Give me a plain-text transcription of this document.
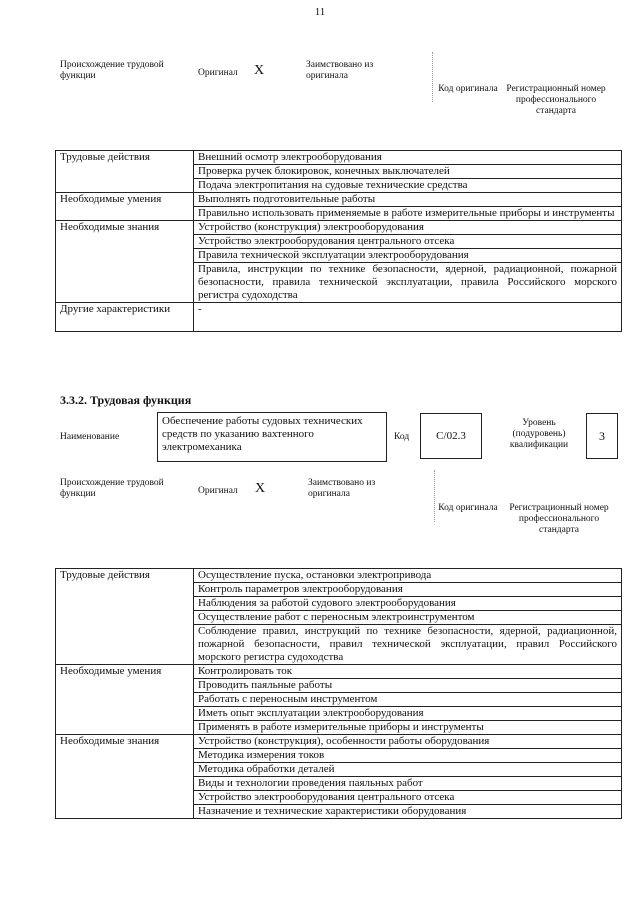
11
Происхождение трудовой функции	Оригинал X	Заимствовано из оригинала
Код оригинала Регистрационный номер профессионального стандарта
Трудовые действия	Внешний осмотр электрооборудования
	Проверка ручек блокировок, конечных выключателей
	Подача электропитания на судовые технические средства
Необходимые умения	Выполнять подготовительные работы
	Правильно использовать применяемые в работе измерительные приборы и инструменты
Необходимые знания	Устройство (конструкция) электрооборудования
	Устройство электрооборудования центрального отсека
	Правила технической эксплуатации электрооборудования
	Правила, инструкции по технике безопасности, ядерной, радиационной, пожарной безопасности, правила технической эксплуатации, правила Российского морского регистра судоходства
Другие характеристики	-
3.3.2. Трудовая функция
Наименование
Обеспечение работы судовых технических средств по указанию вахтенного электромеханика
Код	C/02.3
Уровень (подуровень) квалификации
3
Происхождение трудовой функции	Оригинал X	Заимствовано из оригинала
Код оригинала	Регистрационный номер профессионального стандарта
Трудовые действия	Осуществление пуска, остановки электропривода
	Контроль параметров электрооборудования
	Наблюдения за работой судового электрооборудования
	Осуществление работ с переносным электроинструментом
	Соблюдение правил, инструкций по технике безопасности, ядерной, радиационной, пожарной безопасности, правил технической эксплуатации, правил Российского морского регистра судоходства
Необходимые умения	Контролировать ток
	Проводить паяльные работы
	Работать с переносным инструментом
	Иметь опыт эксплуатации электрооборудования
	Применять в работе измерительные приборы и инструменты
Необходимые знания	Устройство (конструкция), особенности работы оборудования
	Методика измерения токов
	Методика обработки деталей
	Виды и технологии проведения паяльных работ
	Устройство электрооборудования центрального отсека
	Назначение и технические характеристики оборудования
